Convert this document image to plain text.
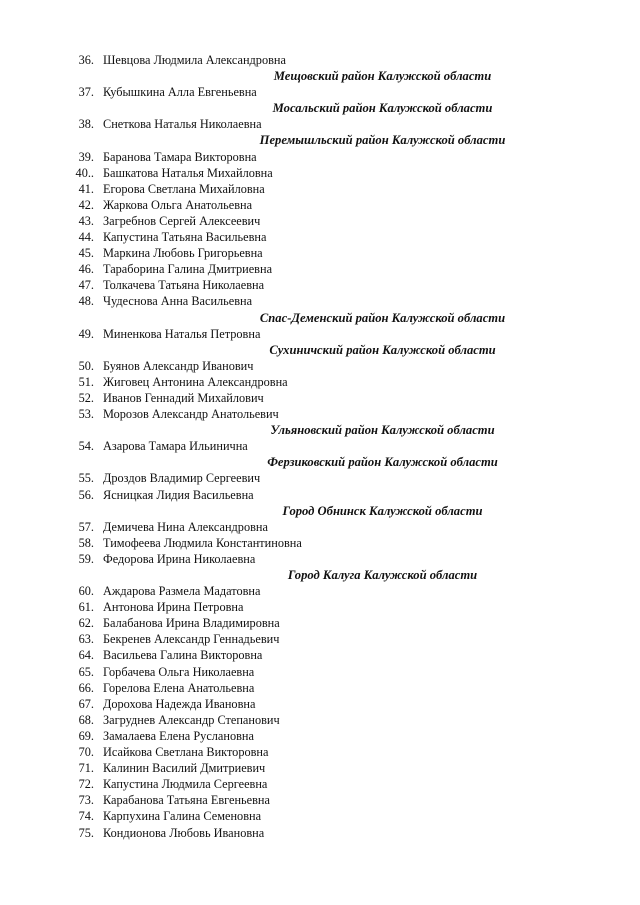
36. Шевцова Людмила Александровна
Мещовский район Калужской области
37. Кубышкина Алла Евгеньевна
Мосальский район Калужской области
38. Снеткова Наталья Николаевна
Перемышльский район Калужской области
39. Баранова Тамара Викторовна
40.. Башкатова Наталья Михайловна
41. Егорова Светлана Михайловна
42. Жаркова Ольга Анатольевна
43. Загребнов Сергей Алексеевич
44. Капустина Татьяна Васильевна
45. Маркина Любовь Григорьевна
46. Тараборина Галина Дмитриевна
47. Толкачева Татьяна Николаевна
48. Чудеснова Анна Васильевна
Спас-Деменский район Калужской области
49. Миненкова Наталья Петровна
Сухиничский район Калужской области
50. Буянов Александр Иванович
51. Жиговец Антонина Александровна
52. Иванов Геннадий Михайлович
53. Морозов Александр Анатольевич
Ульяновский район Калужской области
54. Азарова Тамара Ильинична
Ферзиковский район Калужской области
55. Дроздов Владимир Сергеевич
56. Ясницкая Лидия Васильевна
Город Обнинск Калужской области
57. Демичева Нина Александровна
58. Тимофеева Людмила Константиновна
59. Федорова Ирина Николаевна
Город Калуга Калужской области
60. Аждарова Размела Мадатовна
61. Антонова Ирина Петровна
62. Балабанова Ирина Владимировна
63. Бекренев Александр Геннадьевич
64. Васильева Галина Викторовна
65. Горбачева Ольга Николаевна
66. Горелова Елена Анатольевна
67. Дорохова Надежда Ивановна
68. Загруднев Александр Степанович
69. Замалаева Елена Руслановна
70. Исайкова Светлана Викторовна
71. Калинин Василий Дмитриевич
72. Капустина Людмила Сергеевна
73. Карабанова Татьяна Евгеньевна
74. Карпухина Галина Семеновна
75. Кондионова Любовь Ивановна
